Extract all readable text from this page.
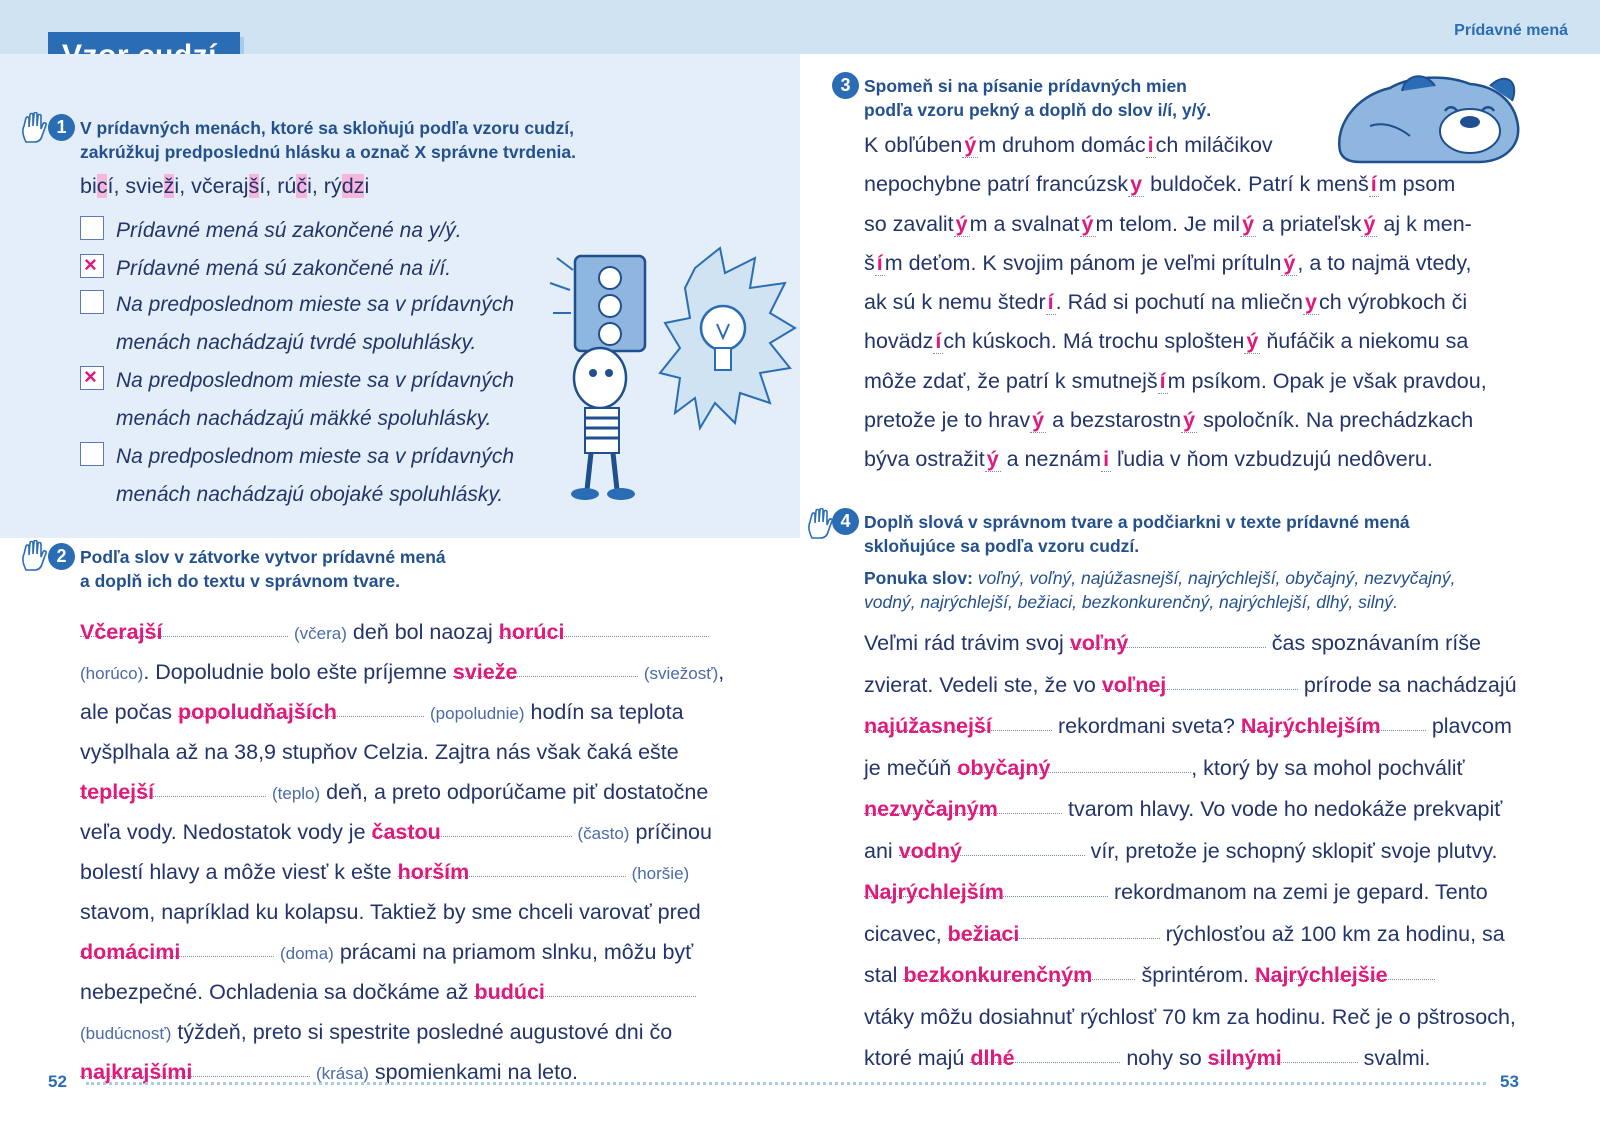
Prídavné mená
1 V prídavných menách, ktoré sa skloňujú podľa vzoru cudzí,
zakrúžkuj predposlednú hlásku a označ X správne tvrdenia.
bicí, svieži, včerajší, rúči, rýdzi
Prídavné mená sú zakončené na y/ý.
× Prídavné mená sú zakončené na i/í.
Na predposlednom mieste sa v prídavných
menách nachádzajú tvrdé spoluhlásky.
× Na predposlednom mieste sa v prídavných
menách nachádzajú mäkké spoluhlásky.
Na predposlednom mieste sa v prídavných
menách nachádzajú obojaké spoluhlásky.
2 Podľa slov v zátvorke vytvor prídavné mená
a doplň ich do textu v správnom tvare.
Včerajší	(včera) deň bol naozaj horúci
(horúco). Dopoludnie bolo ešte príjemne svieže	(sviežosť),
ale počas popoludňajších	(popoludnie) hodín sa teplota
vyšplhala až na 38,9 stupňov Celzia. Zajtra nás však čaká ešte
teplejší	(teplo) deň, a preto odporúčame piť dostatočne
veľa vody. Nedostatok vody je častou	(často) príčinou
bolestí hlavy a môže viesť k ešte horším	(horšie)
stavom, napríklad ku kolapsu. Taktiež by sme chceli varovať pred
domácimi	(doma) prácami na priamom slnku, môžu byť
nebezpečné. Ochladenia sa dočkáme až budúci
(budúcnosť) týždeň, preto si spestrite posledné augustové dni čo
najkrajšími	(krása) spomienkami na leto.
3 Spomeň si na písanie prídavných mien
podľa vzoru pekný a doplň do slov i/í, y/ý.
K obľúbeným druhom domácich miláčikov
nepochybne patrí francúzsky buldoček. Patrí k menším psom
so zavalitým a svalnatým telom. Je milý a priateľský aj k men-
ším deťom. K svojim pánom je veľmi prítulný, a to najmä vtedy,
ak sú k nemu štedrí. Rád si pochutí na mliečnych výrobkoch či
hovädzích kúskoch. Má trochu sploštенý ňufáčik a niekomu sa
môže zdať, že patrí k smutnejším psíkom. Opak je však pravdou,
pretože je to hravý a bezstarostný spoločník. Na prechádzkach
býva ostražitý a neznámi ľudia v ňom vzbudzujú nedôveru.
4 Doplň slová v správnom tvare a podčiarkni v texte prídavné mená
skloňujúce sa podľa vzoru cudzí.
Ponuka slov: voľný, voľný, najúžasnejší, najrýchlejší, obyčajný, nezvyčajný,
vodný, najrýchlejší, bežiaci, bezkonkurenčný, najrýchlejší, dlhý, silný.
Veľmi rád trávim svoj voľný	čas spoznávaním ríše
zvierat. Vedeli ste, že vo voľnej	prírode sa nachádzajú
najúžasnejší	rekordmani sveta? Najrýchlejším plavcom
je mečúň obyčajný	, ktorý by sa mohol pochváliť
nezvyčajným	tvarom hlavy. Vo vode ho nedokáže prekvapiť
ani vodný	vír, pretože je schopný sklopiť svoje plutvy.
Najrýchlejším	rekordmanom na zemi je gepard. Tento
cicavec, bežiaci	rýchlosťou až 100 km za hodinu, sa
stal bezkonkurenčným šprintérom. Najrýchlejšie
vtáky môžu dosiahnuť rýchlosť 70 km za hodinu. Reč je o pštrosoch,
ktoré majú dlhé	nohy so silnými	svalmi.
52	53
